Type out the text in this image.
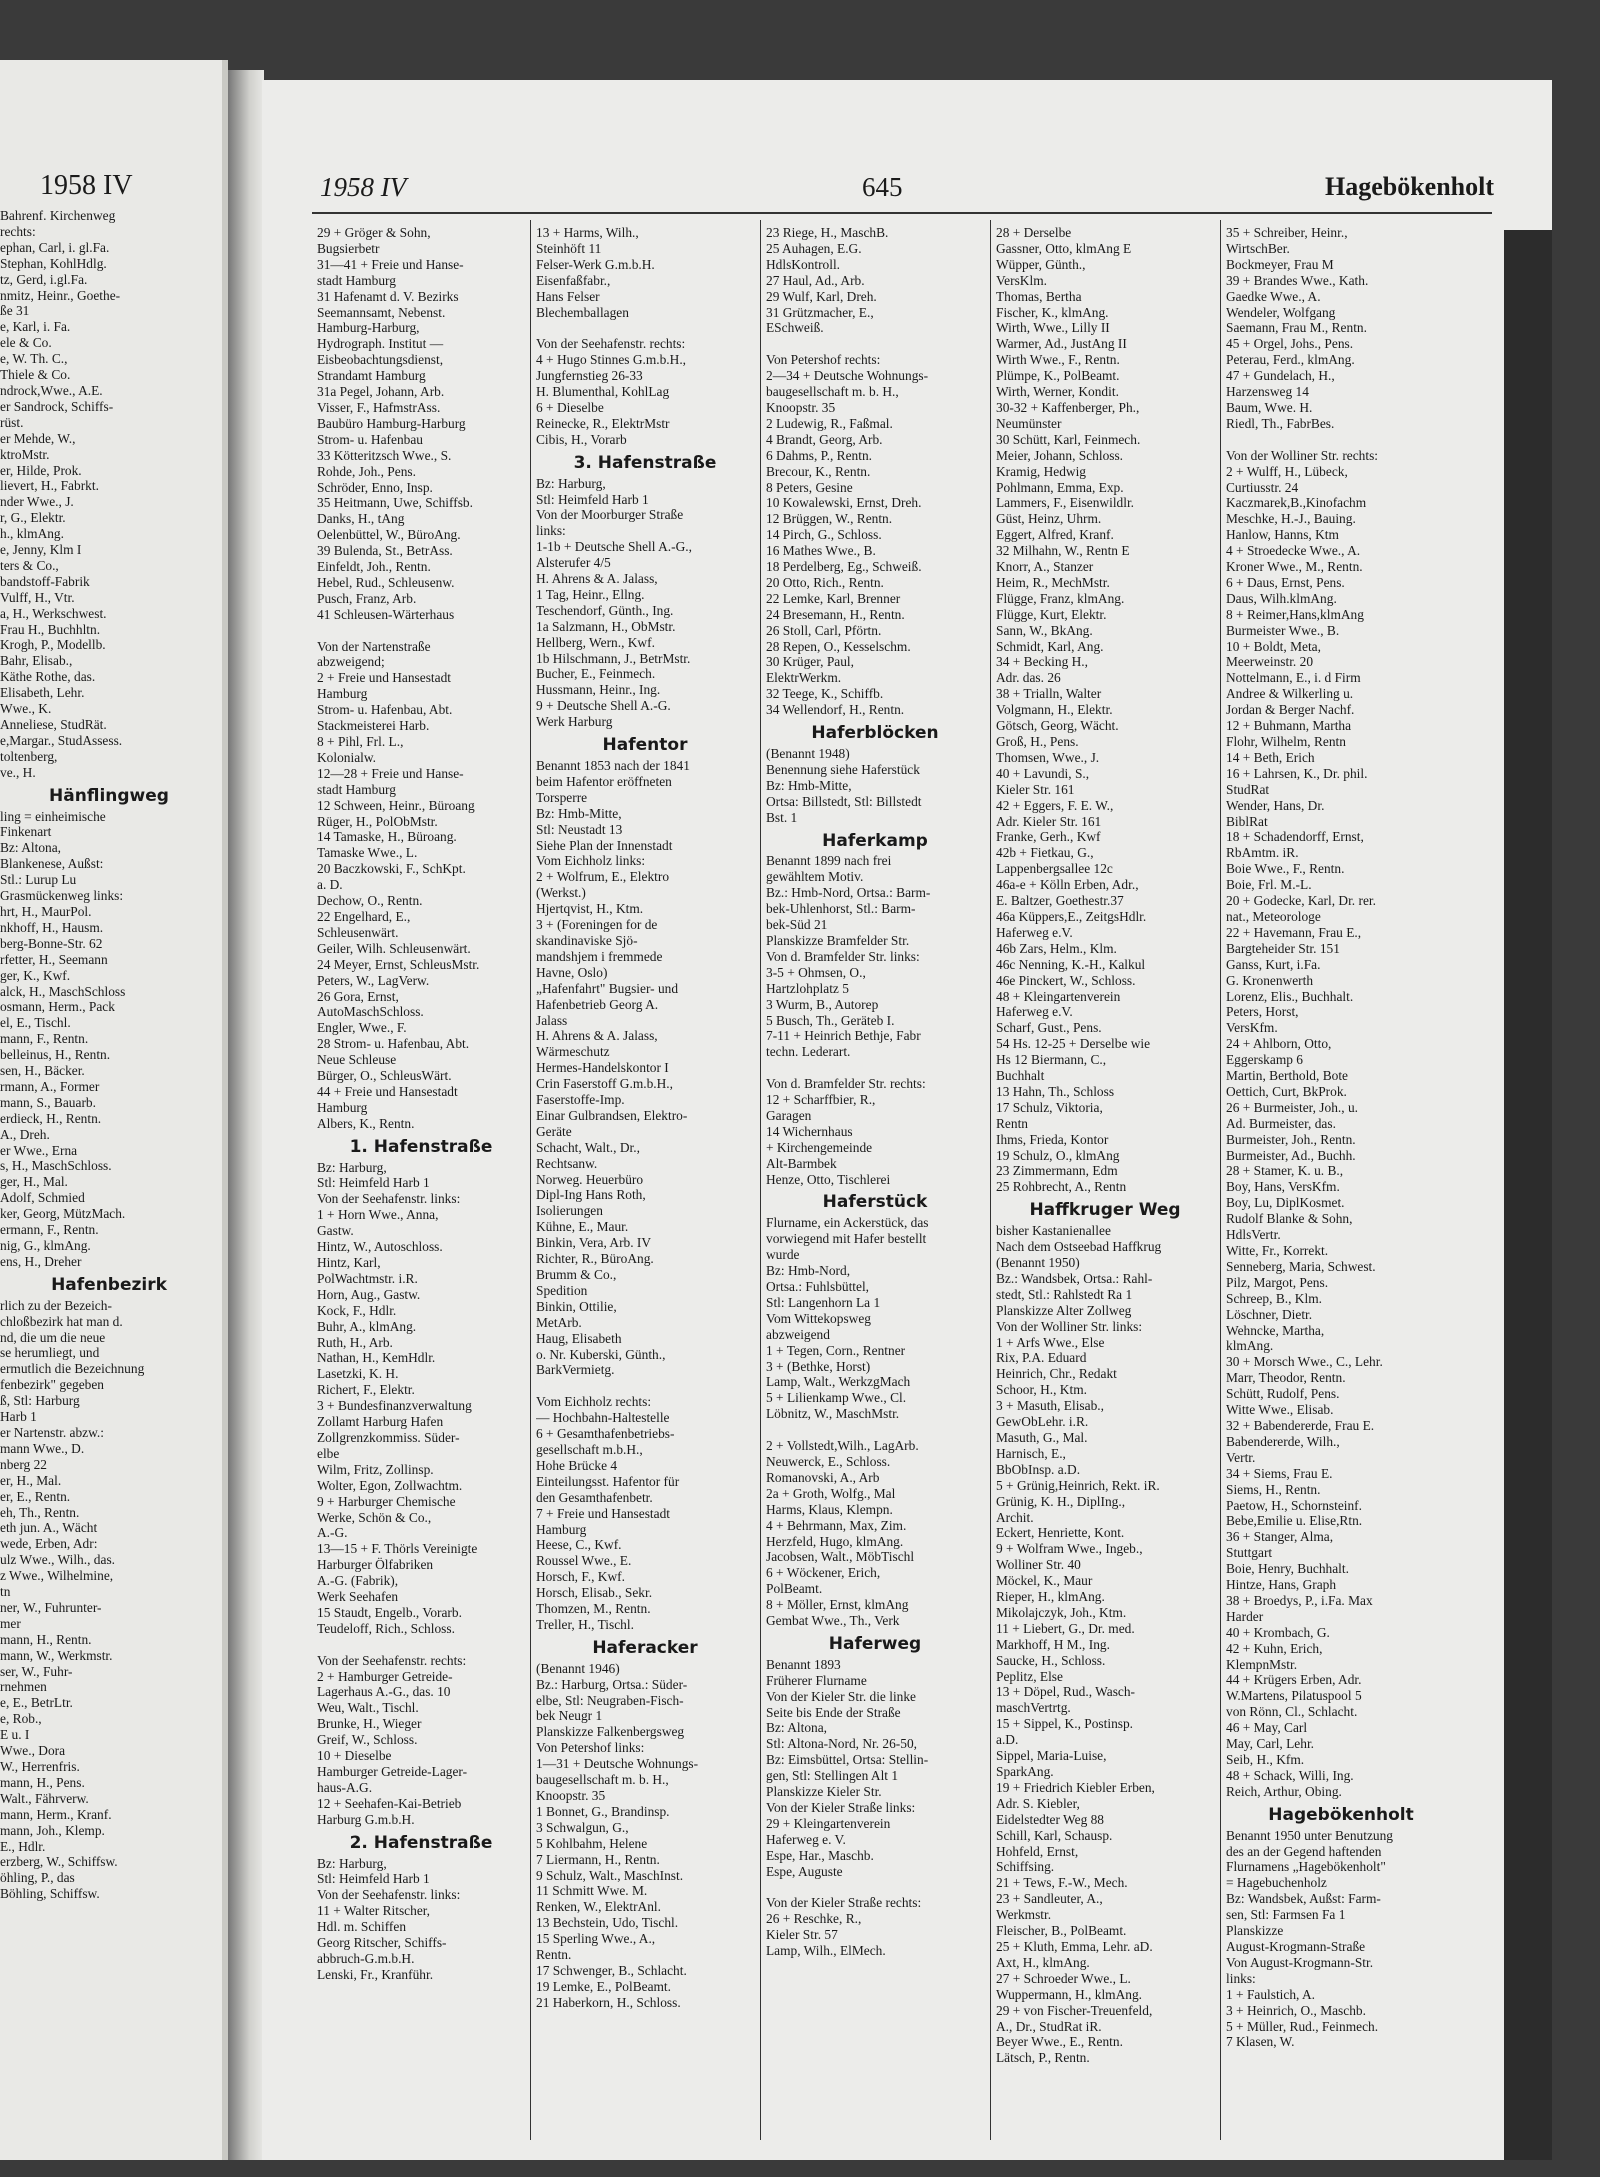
1958 IV
Bahrenf. Kirchenweg
rechts:
ephan, Carl, i. gl.Fa.
Stephan, KohlHdlg.
tz, Gerd, i.gl.Fa.
nmitz, Heinr., Goethe-
ße 31
e, Karl, i. Fa.
ele & Co.
e, W. Th. C.,
Thiele & Co.
ndrock,Wwe., A.E.
er Sandrock, Schiffs-
rüst.
er Mehde, W.,
ktroMstr.
er, Hilde, Prok.
lievert, H., Fabrkt.
nder Wwe., J.
r, G., Elektr.
h., klmAng.
e, Jenny, Klm I
ters & Co.,
bandstoff-Fabrik
Vulff, H., Vtr.
a, H., Werkschwest.
Frau H., Buchhltn.
Krogh, P., Modellb.
Bahr, Elisab.,
Käthe Rothe, das.
Elisabeth, Lehr.
Wwe., K.
Anneliese, StudRät.
e,Margar., StudAssess.
toltenberg,
ve., H.
Hänflingweg
ling = einheimische
Finkenart
Bz: Altona,
Blankenese, Außst:
Stl.: Lurup Lu
Grasmückenweg links:
hrt, H., MaurPol.
nkhoff, H., Hausm.
berg-Bonne-Str. 62
rfetter, H., Seemann
ger, K., Kwf.
alck, H., MaschSchloss
osmann, Herm., Pack
el, E., Tischl.
mann, F., Rentn.
belleinus, H., Rentn.
sen, H., Bäcker.
rmann, A., Former
mann, S., Bauarb.
erdieck, H., Rentn.
A., Dreh.
er Wwe., Erna
s, H., MaschSchloss.
ger, H., Mal.
Adolf, Schmied
ker, Georg, MützMach.
ermann, F., Rentn.
nig, G., klmAng.
ens, H., Dreher
Hafenbezirk
rlich zu der Bezeich-
chloßbezirk hat man d.
nd, die um die neue
se herumliegt, und
ermutlich die Bezeichnung
fenbezirk" gegeben
ß, Stl: Harburg
Harb 1
er Nartenstr. abzw.:
mann Wwe., D.
nberg 22
er, H., Mal.
er, E., Rentn.
eh, Th., Rentn.
eth jun. A., Wächt
wede, Erben, Adr:
ulz Wwe., Wilh., das.
z Wwe., Wilhelmine,
tn
ner, W., Fuhrunter-
mer
mann, H., Rentn.
mann, W., Werkmstr.
ser, W., Fuhr-
rnehmen
e, E., BetrLtr.
e, Rob.,
E u. I
Wwe., Dora
W., Herrenfris.
mann, H., Pens.
Walt., Fährverw.
mann, Herm., Kranf.
mann, Joh., Klemp.
E., Hdlr.
erzberg, W., Schiffsw.
öhling, P., das
Böhling, Schiffsw.
1958 IV	645	Hagebökenholt
29 + Gröger & Sohn,
Bugsierbetr
31—41 + Freie und Hanse-
stadt Hamburg
31 Hafenamt d. V. Bezirks
Seemannsamt, Nebenst.
Hamburg-Harburg,
Hydrograph. Institut —
Eisbeobachtungsdienst,
Strandamt Hamburg
31a Pegel, Johann, Arb.
Visser, F., HafmstrAss.
Baubüro Hamburg-Harburg
Strom- u. Hafenbau
33 Kötteritzsch Wwe., S.
Rohde, Joh., Pens.
Schröder, Enno, Insp.
35 Heitmann, Uwe, Schiffsb.
Danks, H., tAng
Oelenbüttel, W., BüroAng.
39 Bulenda, St., BetrAss.
Einfeldt, Joh., Rentn.
Hebel, Rud., Schleusenw.
Pusch, Franz, Arb.
41 Schleusen-Wärterhaus

Von der Nartenstraße
abzweigend;
2 + Freie und Hansestadt
Hamburg
Strom- u. Hafenbau, Abt.
Stackmeisterei Harb.
8 + Pihl, Frl. L.,
Kolonialw.
12—28 + Freie und Hanse-
stadt Hamburg
12 Schween, Heinr., Büroang
Rüger, H., PolObMstr.
14 Tamaske, H., Büroang.
Tamaske Wwe., L.
20 Baczkowski, F., SchKpt.
a. D.
Dechow, O., Rentn.
22 Engelhard, E.,
Schleusenwärt.
Geiler, Wilh. Schleusenwärt.
24 Meyer, Ernst, SchleusMstr.
Peters, W., LagVerw.
26 Gora, Ernst,
AutoMaschSchloss.
Engler, Wwe., F.
28 Strom- u. Hafenbau, Abt.
Neue Schleuse
Bürger, O., SchleusWärt.
44 + Freie und Hansestadt
Hamburg
Albers, K., Rentn.
1. Hafenstraße
Bz: Harburg,
Stl: Heimfeld Harb 1
Von der Seehafenstr. links:
1 + Horn Wwe., Anna,
Gastw.
Hintz, W., Autoschloss.
Hintz, Karl,
PolWachtmstr. i.R.
Horn, Aug., Gastw.
Kock, F., Hdlr.
Buhr, A., klmAng.
Ruth, H., Arb.
Nathan, H., KemHdlr.
Lasetzki, K. H.
Richert, F., Elektr.
3 + Bundesfinanzverwaltung
Zollamt Harburg Hafen
Zollgrenzkommiss. Süder-
elbe
Wilm, Fritz, Zollinsp.
Wolter, Egon, Zollwachtm.
9 + Harburger Chemische
Werke, Schön & Co.,
A.-G.
13—15 + F. Thörls Vereinigte
Harburger Ölfabriken
A.-G. (Fabrik),
Werk Seehafen
15 Staudt, Engelb., Vorarb.
Teudeloff, Rich., Schloss.

Von der Seehafenstr. rechts:
2 + Hamburger Getreide-
Lagerhaus A.-G., das. 10
Weu, Walt., Tischl.
Brunke, H., Wieger
Greif, W., Schloss.
10 + Dieselbe
Hamburger Getreide-Lager-
haus-A.G.
12 + Seehafen-Kai-Betrieb
Harburg G.m.b.H.
2. Hafenstraße
Bz: Harburg,
Stl: Heimfeld Harb 1
Von der Seehafenstr. links:
11 + Walter Ritscher,
Hdl. m. Schiffen
Georg Ritscher, Schiffs-
abbruch-G.m.b.H.
Lenski, Fr., Kranführ.
13 + Harms, Wilh.,
Steinhöft 11
Felser-Werk G.m.b.H.
Eisenfaßfabr.,
Hans Felser
Blechemballagen

Von der Seehafenstr. rechts:
4 + Hugo Stinnes G.m.b.H.,
Jungfernstieg 26-33
H. Blumenthal, KohlLag
6 + Dieselbe
Reinecke, R., ElektrMstr
Cibis, H., Vorarb
3. Hafenstraße
Bz: Harburg,
Stl: Heimfeld Harb 1
Von der Moorburger Straße
links:
1-1b + Deutsche Shell A.-G.,
Alsterufer 4/5
H. Ahrens & A. Jalass,
1 Tag, Heinr., Ellng.
Teschendorf, Günth., Ing.
1a Salzmann, H., ObMstr.
Hellberg, Wern., Kwf.
1b Hilschmann, J., BetrMstr.
Bucher, E., Feinmech.
Hussmann, Heinr., Ing.
9 + Deutsche Shell A.-G.
Werk Harburg
Hafentor
Benannt 1853 nach der 1841
beim Hafentor eröffneten
Torsperre
Bz: Hmb-Mitte,
Stl: Neustadt 13
Siehe Plan der Innenstadt
Vom Eichholz links:
2 + Wolfrum, E., Elektro
(Werkst.)
Hjertqvist, H., Ktm.
3 + (Foreningen for de
skandinaviske Sjö-
mandshjem i fremmede
Havne, Oslo)
„Hafenfahrt" Bugsier- und
Hafenbetrieb Georg A.
Jalass
H. Ahrens & A. Jalass,
Wärmeschutz
Hermes-Handelskontor I
Crin Faserstoff G.m.b.H.,
Faserstoffe-Imp.
Einar Gulbrandsen, Elektro-
Geräte
Schacht, Walt., Dr.,
Rechtsanw.
Norweg. Heuerbüro
Dipl-Ing Hans Roth,
Isolierungen
Kühne, E., Maur.
Binkin, Vera, Arb. IV
Richter, R., BüroAng.
Brumm & Co.,
Spedition
Binkin, Ottilie,
MetArb.
Haug, Elisabeth
o. Nr. Kuberski, Günth.,
BarkVermietg.

Vom Eichholz rechts:
— Hochbahn-Haltestelle
6 + Gesamthafenbetriebs-
gesellschaft m.b.H.,
Hohe Brücke 4
Einteilungsst. Hafentor für
den Gesamthafenbetr.
7 + Freie und Hansestadt
Hamburg
Heese, C., Kwf.
Roussel Wwe., E.
Horsch, F., Kwf.
Horsch, Elisab., Sekr.
Thomzen, M., Rentn.
Treller, H., Tischl.
Haferacker
(Benannt 1946)
Bz.: Harburg, Ortsa.: Süder-
elbe, Stl: Neugraben-Fisch-
bek Neugr 1
Planskizze Falkenbergsweg
Von Petershof links:
1—31 + Deutsche Wohnungs-
baugesellschaft m. b. H.,
Knoopstr. 35
1 Bonnet, G., Brandinsp.
3 Schwalgun, G.,
5 Kohlbahm, Helene
7 Liermann, H., Rentn.
9 Schulz, Walt., MaschInst.
11 Schmitt Wwe. M.
Renken, W., ElektrAnl.
13 Bechstein, Udo, Tischl.
15 Sperling Wwe., A.,
Rentn.
17 Schwenger, B., Schlacht.
19 Lemke, E., PolBeamt.
21 Haberkorn, H., Schloss.
23 Riege, H., MaschB.
25 Auhagen, E.G.
HdlsKontroll.
27 Haul, Ad., Arb.
29 Wulf, Karl, Dreh.
31 Grützmacher, E.,
ESchweiß.

Von Petershof rechts:
2—34 + Deutsche Wohnungs-
baugesellschaft m. b. H.,
Knoopstr. 35
2 Ludewig, R., Faßmal.
4 Brandt, Georg, Arb.
6 Dahms, P., Rentn.
Brecour, K., Rentn.
8 Peters, Gesine
10 Kowalewski, Ernst, Dreh.
12 Brüggen, W., Rentn.
14 Pirch, G., Schloss.
16 Mathes Wwe., B.
18 Perdelberg, Eg., Schweiß.
20 Otto, Rich., Rentn.
22 Lemke, Karl, Brenner
24 Bresemann, H., Rentn.
26 Stoll, Carl, Pförtn.
28 Repen, O., Kesselschm.
30 Krüger, Paul,
ElektrWerkm.
32 Teege, K., Schiffb.
34 Wellendorf, H., Rentn.
Haferblöcken
(Benannt 1948)
Benennung siehe Haferstück
Bz: Hmb-Mitte,
Ortsa: Billstedt, Stl: Billstedt
Bst. 1
Haferkamp
Benannt 1899 nach frei
gewähltem Motiv.
Bz.: Hmb-Nord, Ortsa.: Barm-
bek-Uhlenhorst, Stl.: Barm-
bek-Süd 21
Planskizze Bramfelder Str.
Von d. Bramfelder Str. links:
3-5 + Ohmsen, O.,
Hartzlohplatz 5
3 Wurm, B., Autorep
5 Busch, Th., Geräteb I.
7-11 + Heinrich Bethje, Fabr
techn. Lederart.

Von d. Bramfelder Str. rechts:
12 + Scharffbier, R.,
Garagen
14 Wichernhaus
+ Kirchengemeinde
Alt-Barmbek
Henze, Otto, Tischlerei
Haferstück
Flurname, ein Ackerstück, das
vorwiegend mit Hafer bestellt
wurde
Bz: Hmb-Nord,
Ortsa.: Fuhlsbüttel,
Stl: Langenhorn La 1
Vom Wittekopsweg
abzweigend
1 + Tegen, Corn., Rentner
3 + (Bethke, Horst)
Lamp, Walt., WerkzgMach
5 + Lilienkamp Wwe., Cl.
Löbnitz, W., MaschMstr.

2 + Vollstedt,Wilh., LagArb.
Neuwerck, E., Schloss.
Romanovski, A., Arb
2a + Groth, Wolfg., Mal
Harms, Klaus, Klempn.
4 + Behrmann, Max, Zim.
Herzfeld, Hugo, klmAng.
Jacobsen, Walt., MöbTischl
6 + Wöckener, Erich,
PolBeamt.
8 + Möller, Ernst, klmAng
Gembat Wwe., Th., Verk
Haferweg
Benannt 1893
Früherer Flurname
Von der Kieler Str. die linke
Seite bis Ende der Straße
Bz: Altona,
Stl: Altona-Nord, Nr. 26-50,
Bz: Eimsbüttel, Ortsa: Stellin-
gen, Stl: Stellingen Alt 1
Planskizze Kieler Str.
Von der Kieler Straße links:
29 + Kleingartenverein
Haferweg e. V.
Espe, Har., Maschb.
Espe, Auguste

Von der Kieler Straße rechts:
26 + Reschke, R.,
Kieler Str. 57
Lamp, Wilh., ElMech.
28 + Derselbe
Gassner, Otto, klmAng E
Wüpper, Günth.,
VersKlm.
Thomas, Bertha
Fischer, K., klmAng.
Wirth, Wwe., Lilly II
Warmer, Ad., JustAng II
Wirth Wwe., F., Rentn.
Plümpe, K., PolBeamt.
Wirth, Werner, Kondit.
30-32 + Kaffenberger, Ph.,
Neumünster
30 Schütt, Karl, Feinmech.
Meier, Johann, Schloss.
Kramig, Hedwig
Pohlmann, Emma, Exp.
Lammers, F., Eisenwildlr.
Güst, Heinz, Uhrm.
Eggert, Alfred, Kranf.
32 Milhahn, W., Rentn E
Knorr, A., Stanzer
Heim, R., MechMstr.
Flügge, Franz, klmAng.
Flügge, Kurt, Elektr.
Sann, W., BkAng.
Schmidt, Karl, Ang.
34 + Becking H.,
Adr. das. 26
38 + Trialln, Walter
Volgmann, H., Elektr.
Götsch, Georg, Wächt.
Groß, H., Pens.
Thomsen, Wwe., J.
40 + Lavundi, S.,
Kieler Str. 161
42 + Eggers, F. E. W.,
Adr. Kieler Str. 161
Franke, Gerh., Kwf
42b + Fietkau, G.,
Lappenbergsallee 12c
46a-e + Kölln Erben, Adr.,
E. Baltzer, Goethestr.37
46a Küppers,E., ZeitgsHdlr.
Haferweg e.V.
46b Zars, Helm., Klm.
46c Nenning, K.-H., Kalkul
46e Pinckert, W., Schloss.
48 + Kleingartenverein
Haferweg e.V.
Scharf, Gust., Pens.
54 Hs. 12-25 + Derselbe wie
Hs 12 Biermann, C.,
Buchhalt
13 Hahn, Th., Schloss
17 Schulz, Viktoria,
Rentn
Ihms, Frieda, Kontor
19 Schulz, O., klmAng
23 Zimmermann, Edm
25 Rohbrecht, A., Rentn
Haffkruger Weg
bisher Kastanienallee
Nach dem Ostseebad Haffkrug
(Benannt 1950)
Bz.: Wandsbek, Ortsa.: Rahl-
stedt, Stl.: Rahlstedt Ra 1
Planskizze Alter Zollweg
Von der Wolliner Str. links:
1 + Arfs Wwe., Else
Rix, P.A. Eduard
Heinrich, Chr., Redakt
Schoor, H., Ktm.
3 + Masuth, Elisab.,
GewObLehr. i.R.
Masuth, G., Mal.
Harnisch, E.,
BbObInsp. a.D.
5 + Grünig,Heinrich, Rekt. iR.
Grünig, K. H., DiplIng.,
Archit.
Eckert, Henriette, Kont.
9 + Wolfram Wwe., Ingeb.,
Wolliner Str. 40
Möckel, K., Maur
Rieper, H., klmAng.
Mikolajczyk, Joh., Ktm.
11 + Liebert, G., Dr. med.
Markhoff, H M., Ing.
Saucke, H., Schloss.
Peplitz, Else
13 + Döpel, Rud., Wasch-
maschVertrtg.
15 + Sippel, K., Postinsp.
a.D.
Sippel, Maria-Luise,
SparkAng.
19 + Friedrich Kiebler Erben,
Adr. S. Kiebler,
Eidelstedter Weg 88
Schill, Karl, Schausp.
Hohfeld, Ernst,
Schiffsing.
21 + Tews, F.-W., Mech.
23 + Sandleuter, A.,
Werkmstr.
Fleischer, B., PolBeamt.
25 + Kluth, Emma, Lehr. aD.
Axt, H., klmAng.
27 + Schroeder Wwe., L.
Wuppermann, H., klmAng.
29 + von Fischer-Treuenfeld,
A., Dr., StudRat iR.
Beyer Wwe., E., Rentn.
Lätsch, P., Rentn.
35 + Schreiber, Heinr.,
WirtschBer.
Bockmeyer, Frau M
39 + Brandes Wwe., Kath.
Gaedke Wwe., A.
Wendeler, Wolfgang
Saemann, Frau M., Rentn.
45 + Orgel, Johs., Pens.
Peterau, Ferd., klmAng.
47 + Gundelach, H.,
Harzensweg 14
Baum, Wwe. H.
Riedl, Th., FabrBes.

Von der Wolliner Str. rechts:
2 + Wulff, H., Lübeck,
Curtiusstr. 24
Kaczmarek,B.,Kinofachm
Meschke, H.-J., Bauing.
Hanlow, Hanns, Ktm
4 + Stroedecke Wwe., A.
Kroner Wwe., M., Rentn.
6 + Daus, Ernst, Pens.
Daus, Wilh.klmAng.
8 + Reimer,Hans,klmAng
Burmeister Wwe., B.
10 + Boldt, Meta,
Meerweinstr. 20
Nottelmann, E., i. d Firm
Andree & Wilkerling u.
Jordan & Berger Nachf.
12 + Buhmann, Martha
Flohr, Wilhelm, Rentn
14 + Beth, Erich
16 + Lahrsen, K., Dr. phil.
StudRat
Wender, Hans, Dr.
BiblRat
18 + Schadendorff, Ernst,
RbAmtm. iR.
Boie Wwe., F., Rentn.
Boie, Frl. M.-L.
20 + Godecke, Karl, Dr. rer.
nat., Meteorologe
22 + Havemann, Frau E.,
Bargteheider Str. 151
Ganss, Kurt, i.Fa.
G. Kronenwerth
Lorenz, Elis., Buchhalt.
Peters, Horst,
VersKfm.
24 + Ahlborn, Otto,
Eggerskamp 6
Martin, Berthold, Bote
Oettich, Curt, BkProk.
26 + Burmeister, Joh., u.
Ad. Burmeister, das.
Burmeister, Joh., Rentn.
Burmeister, Ad., Buchh.
28 + Stamer, K. u. B.,
Boy, Hans, VersKfm.
Boy, Lu, DiplKosmet.
Rudolf Blanke & Sohn,
HdlsVertr.
Witte, Fr., Korrekt.
Senneberg, Maria, Schwest.
Pilz, Margot, Pens.
Schreep, B., Klm.
Löschner, Dietr.
Wehncke, Martha,
klmAng.
30 + Morsch Wwe., C., Lehr.
Marr, Theodor, Rentn.
Schütt, Rudolf, Pens.
Witte Wwe., Elisab.
32 + Babendererde, Frau E.
Babendererde, Wilh.,
Vertr.
34 + Siems, Frau E.
Siems, H., Rentn.
Paetow, H., Schornsteinf.
Bebe,Emilie u. Elise,Rtn.
36 + Stanger, Alma,
Stuttgart
Boie, Henry, Buchhalt.
Hintze, Hans, Graph
38 + Broedys, P., i.Fa. Max
Harder
40 + Krombach, G.
42 + Kuhn, Erich,
KlempnMstr.
44 + Krügers Erben, Adr.
W.Martens, Pilatuspool 5
von Rönn, Cl., Schlacht.
46 + May, Carl
May, Carl, Lehr.
Seib, H., Kfm.
48 + Schack, Willi, Ing.
Reich, Arthur, Obing.
Hagebökenholt
Benannt 1950 unter Benutzung
des an der Gegend haftenden
Flurnamens „Hagebökenholt"
= Hagebuchenholz
Bz: Wandsbek, Außst: Farm-
sen, Stl: Farmsen Fa 1
Planskizze
August-Krogmann-Straße
Von August-Krogmann-Str.
links:
1 + Faulstich, A.
3 + Heinrich, O., Maschb.
5 + Müller, Rud., Feinmech.
7 Klasen, W.
